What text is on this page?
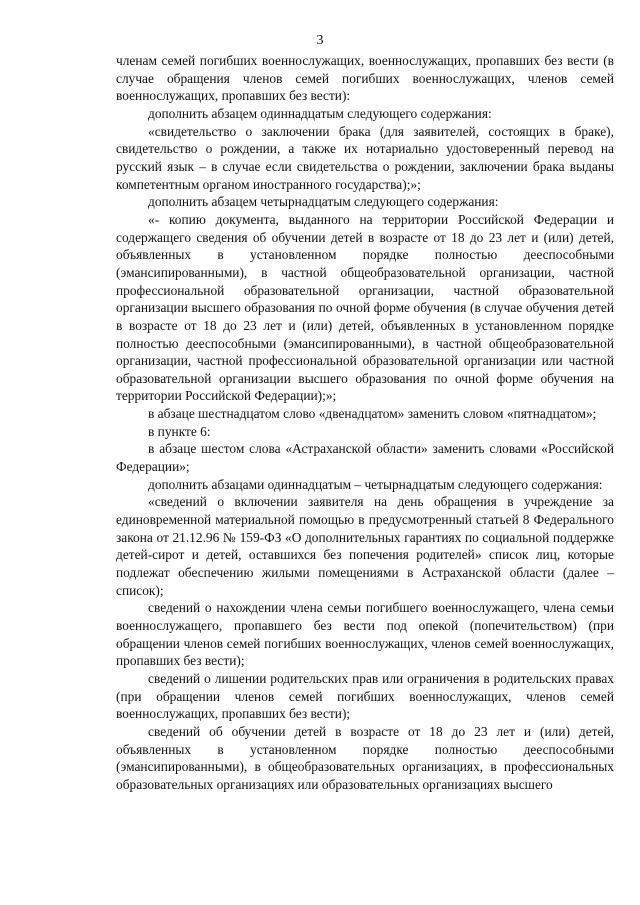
3

членам семей погибших военнослужащих, военнослужащих, пропавших без вести (в случае обращения членов семей погибших военнослужащих, членов семей военнослужащих, пропавших без вести):

дополнить абзацем одиннадцатым следующего содержания:

«свидетельство о заключении брака (для заявителей, состоящих в браке), свидетельство о рождении, а также их нотариально удостоверенный перевод на русский язык – в случае если свидетельства о рождении, заключении брака выданы компетентным органом иностранного государства);»;

дополнить абзацем четырнадцатым следующего содержания:

«- копию документа, выданного на территории Российской Федерации и содержащего сведения об обучении детей в возрасте от 18 до 23 лет и (или) детей, объявленных в установленном порядке полностью дееспособными (эмансипированными), в частной общеобразовательной организации, частной профессиональной образовательной организации, частной образовательной организации высшего образования по очной форме обучения (в случае обучения детей в возрасте от 18 до 23 лет и (или) детей, объявленных в установленном порядке полностью дееспособными (эмансипированными), в частной общеобразовательной организации, частной профессиональной образовательной организации или частной образовательной организации высшего образования по очной форме обучения на территории Российской Федерации);»;

в абзаце шестнадцатом слово «двенадцатом» заменить словом «пятнадцатом»;

в пункте 6:

в абзаце шестом слова «Астраханской области» заменить словами «Российской Федерации»;

дополнить абзацами одиннадцатым – четырнадцатым следующего содержания:

«сведений о включении заявителя на день обращения в учреждение за единовременной материальной помощью в предусмотренный статьей 8 Федерального закона от 21.12.96 № 159-ФЗ «О дополнительных гарантиях по социальной поддержке детей-сирот и детей, оставшихся без попечения родителей» список лиц, которые подлежат обеспечению жилыми помещениями в Астраханской области (далее – список);

сведений о нахождении члена семьи погибшего военнослужащего, члена семьи военнослужащего, пропавшего без вести под опекой (попечительством) (при обращении членов семей погибших военнослужащих, членов семей военнослужащих, пропавших без вести);

сведений о лишении родительских прав или ограничения в родительских правах (при обращении членов семей погибших военнослужащих, членов семей военнослужащих, пропавших без вести);

сведений об обучении детей в возрасте от 18 до 23 лет и (или) детей, объявленных в установленном порядке полностью дееспособными (эмансипированными), в общеобразовательных организациях, в профессиональных образовательных организациях или образовательных организациях высшего
